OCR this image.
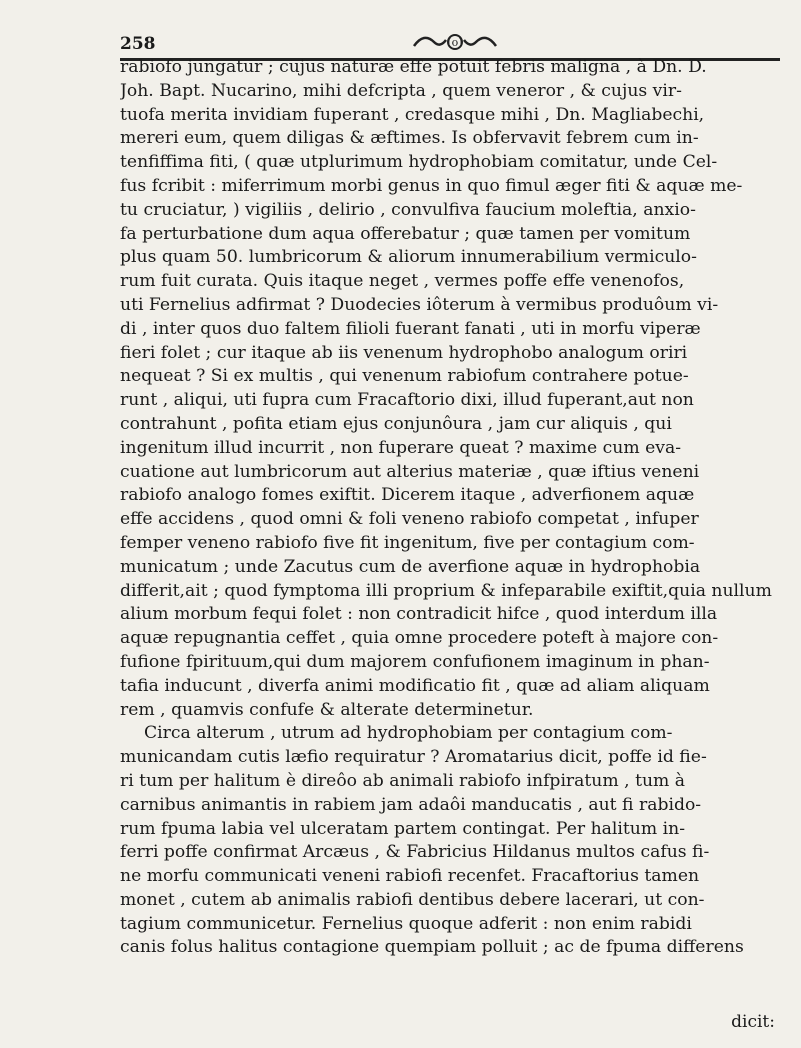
258	(o)
rabiofo jungatur ; cujus naturæ effe potuit febris maligna , à Dn. D.
Joh. Bapt. Nucarino, mihi defcripta , quem veneror , & cujus vir-
tuofa merita invidiam fuperant , credasque mihi , Dn. Magliabechi,
mereri eum, quem diligas & æftimes. Is obfervavit febrem cum in-
tenfiffima fiti, ( quæ utplurimum hydrophobiam comitatur, unde Cel-
fus fcribit : miferrimum morbi genus in quo fimul æger fiti & aquæ me-
tu cruciatur, ) vigiliis , delirio , convulfiva faucium moleftia, anxio-
fa perturbatione dum aqua offerebatur ; quæ tamen per vomitum
plus quam 50. lumbricorum & aliorum innumerabilium vermiculo-
rum fuit curata. Quis itaque neget , vermes poffe effe venenofos,
uti Fernelius adfirmat ? Duodecies iôterum à vermibus produôum vi-
di , inter quos duo faltem filioli fuerant fanati , uti in morfu viperæ
fieri folet ; cur itaque ab iis venenum hydrophobo analogum oriri
nequeat ? Si ex multis , qui venenum rabiofum contrahere potue-
runt , aliqui, uti fupra cum Fracaftorio dixi, illud fuperant,aut non
contrahunt , pofita etiam ejus conjunôura , jam cur aliquis , qui
ingenitum illud incurrit , non fuperare queat ? maxime cum eva-
cuatione aut lumbricorum aut alterius materiæ , quæ iftius veneni
rabiofo analogo fomes exiftit. Dicerem itaque , adverfionem aquæ
effe accidens , quod omni & foli veneno rabiofo competat , infuper
femper veneno rabiofo five fit ingenitum, five per contagium com-
municatum ; unde Zacutus cum de averfione aquæ in hydrophobia
differit,ait ; quod fymptoma illi proprium & infeparabile exiftit,quia nullum
alium morbum fequi folet : non contradicit hifce , quod interdum illa
aquæ repugnantia ceffet , quia omne procedere poteft à majore con-
fufione fpirituum,qui dum majorem confufionem imaginum in phan-
tafia inducunt , diverfa animi modificatio fit , quæ ad aliam aliquam
rem , quamvis confufe & alterate determinetur.
Circa alterum , utrum ad hydrophobiam per contagium com-
municandam cutis læfio requiratur ? Aromatarius dicit, poffe id fie-
ri tum per halitum è direôo ab animali rabiofo infpiratum , tum à
carnibus animantis in rabiem jam adaôi manducatis , aut fi rabido-
rum fpuma labia vel ulceratam partem contingat. Per halitum in-
ferri poffe confirmat Arcæus , & Fabricius Hildanus multos cafus fi-
ne morfu communicati veneni rabiofi recenfet. Fracaftorius tamen
monet , cutem ab animalis rabiofi dentibus debere lacerari, ut con-
tagium communicetur. Fernelius quoque adferit : non enim rabidi
canis folus halitus contagione quempiam polluit ; ac de fpuma differens
dicit:
